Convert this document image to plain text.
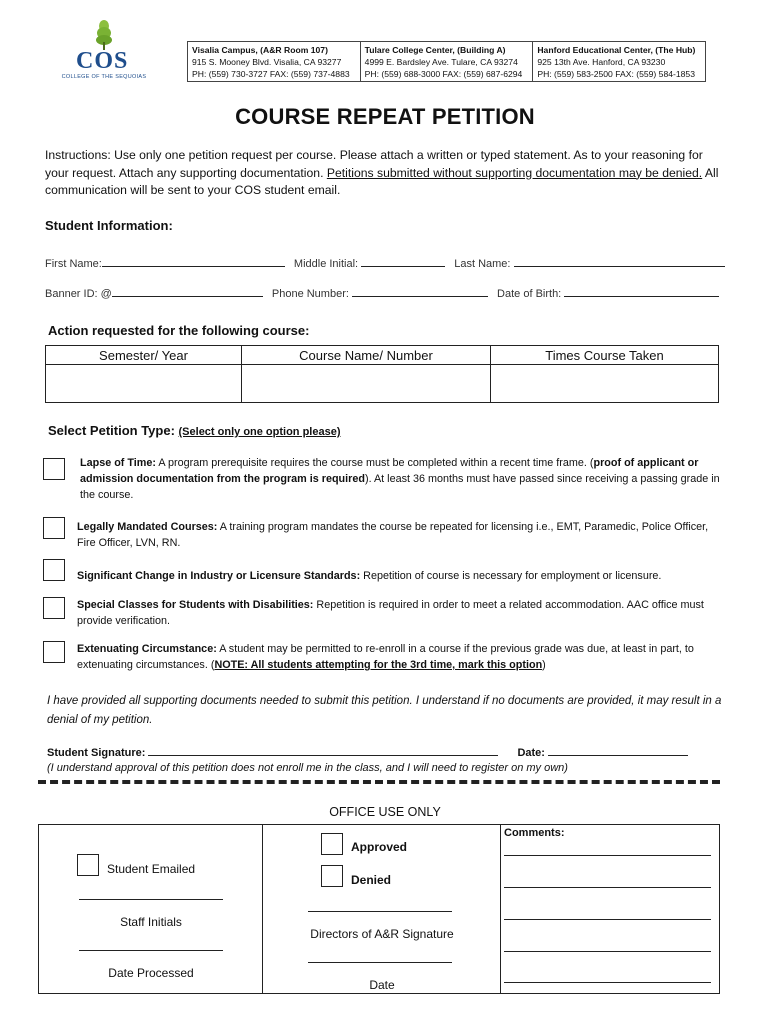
COS
COLLEGE OF THE SEQUOIAS
Visalia Campus, (A&R Room 107)
915 S. Mooney Blvd. Visalia, CA 93277
PH: (559) 730-3727 FAX: (559) 737-4883
Tulare College Center, (Building A)
4999 E. Bardsley Ave. Tulare, CA 93274
PH: (559) 688-3000 FAX: (559) 687-6294
Hanford Educational Center, (The Hub)
925 13th Ave. Hanford, CA 93230
PH: (559) 583-2500 FAX: (559) 584-1853
COURSE REPEAT PETITION
Instructions: Use only one petition request per course. Please attach a written or typed statement. As to your reasoning for your request. Attach any supporting documentation. Petitions submitted without supporting documentation may be denied. All communication will be sent to your COS student email.
Student Information:
First Name:	Middle Initial:	Last Name:
Banner ID: @	Phone Number:	Date of Birth:
Action requested for the following course:
Semester/ Year	Course Name/ Number	Times Course Taken

Select Petition Type: (Select only one option please)
Lapse of Time: A program prerequisite requires the course must be completed within a recent time frame. (proof of applicant or admission documentation from the program is required). At least 36 months must have passed since receiving a passing grade in the course.
Legally Mandated Courses: A training program mandates the course be repeated for licensing i.e., EMT, Paramedic, Police Officer, Fire Officer, LVN, RN.
Significant Change in Industry or Licensure Standards: Repetition of course is necessary for employment or licensure.
Special Classes for Students with Disabilities: Repetition is required in order to meet a related accommodation. AAC office must provide verification.
Extenuating Circumstance: A student may be permitted to re-enroll in a course if the previous grade was due, at least in part, to extenuating circumstances. (NOTE: All students attempting for the 3rd time, mark this option)
I have provided all supporting documents needed to submit this petition. I understand if no documents are provided, it may result in a denial of my petition.
Student Signature:	Date:
(I understand approval of this petition does not enroll me in the class, and I will need to register on my own)
OFFICE USE ONLY
Student Emailed
Staff Initials
Date Processed
Approved
Denied
Directors of A&R Signature
Date
Comments:
